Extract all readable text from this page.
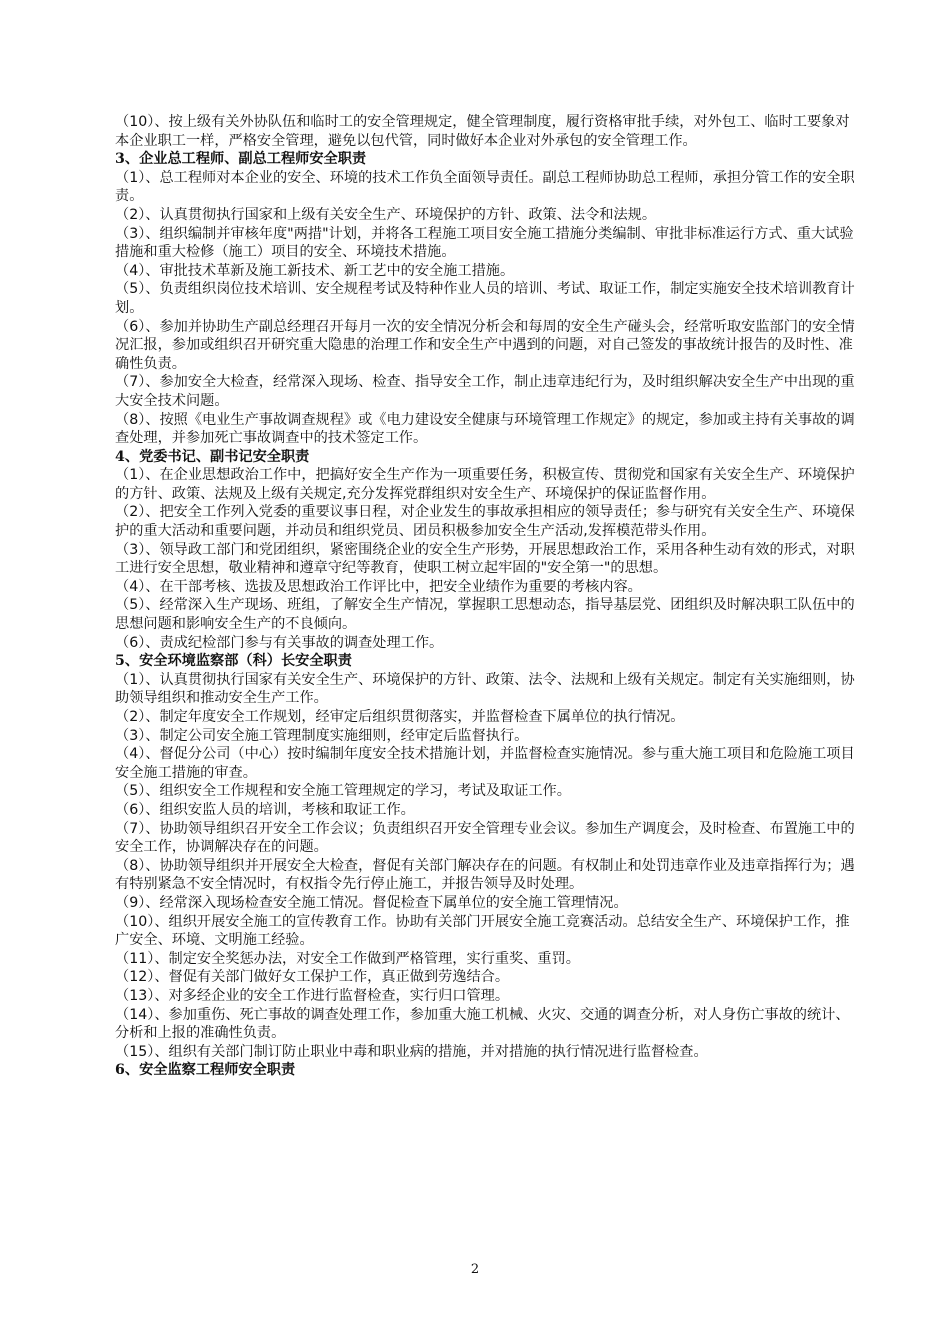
（10）、按上级有关外协队伍和临时工的安全管理规定，健全管理制度，履行资格审批手续，对外包工、临时工要象对本企业职工一样，严格安全管理，避免以包代管，同时做好本企业对外承包的安全管理工作。

3、企业总工程师、副总工程师安全职责

（1）、总工程师对本企业的安全、环境的技术工作负全面领导责任。副总工程师协助总工程师，承担分管工作的安全职责。

（2）、认真贯彻执行国家和上级有关安全生产、环境保护的方针、政策、法令和法规。

（3）、组织编制并审核年度"两措"计划，并将各工程施工项目安全施工措施分类编制、审批非标准运行方式、重大试验措施和重大检修（施工）项目的安全、环境技术措施。

（4）、审批技术革新及施工新技术、新工艺中的安全施工措施。

（5）、负责组织岗位技术培训、安全规程考试及特种作业人员的培训、考试、取证工作，制定实施安全技术培训教育计划。

（6）、参加并协助生产副总经理召开每月一次的安全情况分析会和每周的安全生产碰头会，经常听取安监部门的安全情况汇报，参加或组织召开研究重大隐患的治理工作和安全生产中遇到的问题，对自己签发的事故统计报告的及时性、准确性负责。

（7）、参加安全大检查，经常深入现场、检查、指导安全工作，制止违章违纪行为，及时组织解决安全生产中出现的重大安全技术问题。

（8）、按照《电业生产事故调查规程》或《电力建设安全健康与环境管理工作规定》的规定，参加或主持有关事故的调查处理，并参加死亡事故调查中的技术签定工作。

4、党委书记、副书记安全职责

（1）、在企业思想政治工作中，把搞好安全生产作为一项重要任务，积极宣传、贯彻党和国家有关安全生产、环境保护的方针、政策、法规及上级有关规定,充分发挥党群组织对安全生产、环境保护的保证监督作用。

（2）、把安全工作列入党委的重要议事日程，对企业发生的事故承担相应的领导责任；参与研究有关安全生产、环境保护的重大活动和重要问题，并动员和组织党员、团员积极参加安全生产活动,发挥模范带头作用。

（3）、领导政工部门和党团组织，紧密围绕企业的安全生产形势，开展思想政治工作，采用各种生动有效的形式，对职工进行安全思想，敬业精神和遵章守纪等教育，使职工树立起牢固的"安全第一"的思想。

（4）、在干部考核、选拔及思想政治工作评比中，把安全业绩作为重要的考核内容。

（5）、经常深入生产现场、班组，了解安全生产情况，掌握职工思想动态，指导基层党、团组织及时解决职工队伍中的思想问题和影响安全生产的不良倾向。

（6）、责成纪检部门参与有关事故的调查处理工作。

5、安全环境监察部（科）长安全职责

（1）、认真贯彻执行国家有关安全生产、环境保护的方针、政策、法令、法规和上级有关规定。制定有关实施细则，协助领导组织和推动安全生产工作。

（2）、制定年度安全工作规划，经审定后组织贯彻落实，并监督检查下属单位的执行情况。

（3）、制定公司安全施工管理制度实施细则，经审定后监督执行。

（4）、督促分公司（中心）按时编制年度安全技术措施计划，并监督检查实施情况。参与重大施工项目和危险施工项目安全施工措施的审查。

（5）、组织安全工作规程和安全施工管理规定的学习，考试及取证工作。

（6）、组织安监人员的培训，考核和取证工作。

（7）、协助领导组织召开安全工作会议；负责组织召开安全管理专业会议。参加生产调度会，及时检查、布置施工中的安全工作，协调解决存在的问题。

（8）、协助领导组织并开展安全大检查，督促有关部门解决存在的问题。有权制止和处罚违章作业及违章指挥行为；遇有特别紧急不安全情况时，有权指令先行停止施工，并报告领导及时处理。

（9）、经常深入现场检查安全施工情况。督促检查下属单位的安全施工管理情况。

（10）、组织开展安全施工的宣传教育工作。协助有关部门开展安全施工竞赛活动。总结安全生产、环境保护工作，推广安全、环境、文明施工经验。

（11）、制定安全奖惩办法，对安全工作做到严格管理，实行重奖、重罚。

（12）、督促有关部门做好女工保护工作，真正做到劳逸结合。

（13）、对多经企业的安全工作进行监督检查，实行归口管理。

（14）、参加重伤、死亡事故的调查处理工作，参加重大施工机械、火灾、交通的调查分析，对人身伤亡事故的统计、分析和上报的准确性负责。

（15）、组织有关部门制订防止职业中毒和职业病的措施，并对措施的执行情况进行监督检查。

6、安全监察工程师安全职责

2
